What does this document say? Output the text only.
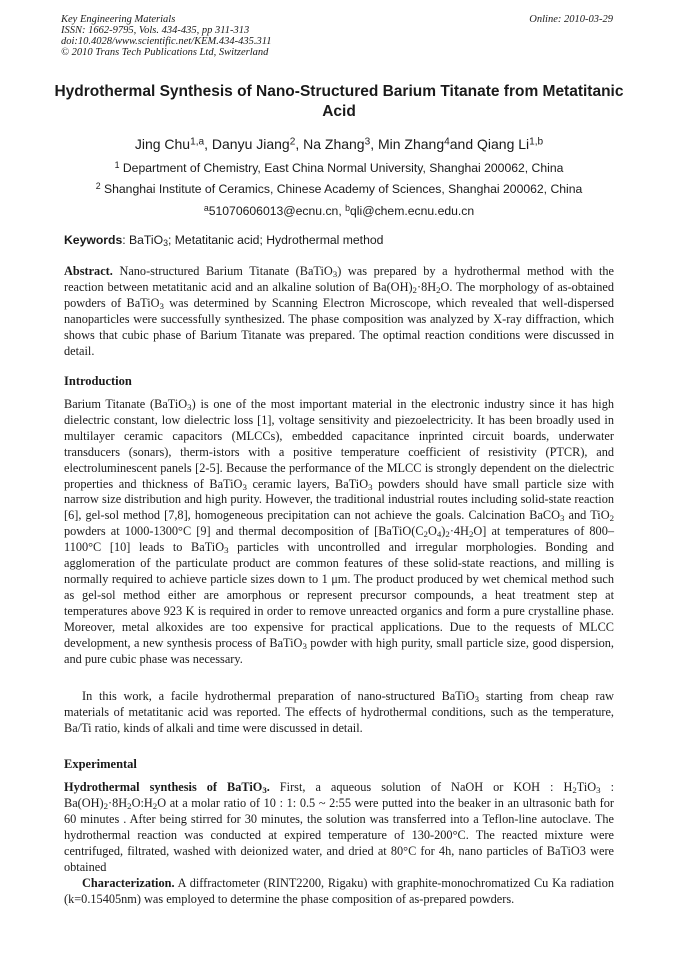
Key Engineering Materials
ISSN: 1662-9795, Vols. 434-435, pp 311-313
doi:10.4028/www.scientific.net/KEM.434-435.311
© 2010 Trans Tech Publications Ltd, Switzerland
Online: 2010-03-29
Hydrothermal Synthesis of Nano-Structured Barium Titanate from Metatitanic Acid
Jing Chu$^{1,a}$, Danyu Jiang$^2$, Na Zhang$^3$, Min Zhang$^4$and Qiang Li$^{1,b}$
$^1$ Department of Chemistry, East China Normal University, Shanghai 200062, China
$^2$ Shanghai Institute of Ceramics, Chinese Academy of Sciences, Shanghai 200062, China
$^a$51070606013@ecnu.cn, $^b$qli@chem.ecnu.edu.cn
Keywords: BaTiO$_3$; Metatitanic acid; Hydrothermal method
Abstract. Nano-structured Barium Titanate (BaTiO$_3$) was prepared by a hydrothermal method with the reaction between metatitanic acid and an alkaline solution of $Ba(OH)_2\cdot 8H_2O$. The morphology of as-obtained powders of BaTiO$_3$ was determined by Scanning Electron Microscope, which revealed that well-dispersed nanoparticles were successfully synthesized. The phase composition was analyzed by X-ray diffraction, which shows that cubic phase of Barium Titanate was prepared. The optimal reaction conditions were discussed in detail.
Introduction
Barium Titanate (BaTiO$_3$) is one of the most important material in the electronic industry since it has high dielectric constant, low dielectric loss [1], voltage sensitivity and piezoelectricity. It has been broadly used in multilayer ceramic capacitors (MLCCs), embedded capacitance inprinted circuit boards, underwater transducers (sonars), therm-istors with a positive temperature coefficient of resistivity (PTCR), and electroluminescent panels [2-5]. Because the performance of the MLCC is strongly dependent on the dielectric properties and thickness of BaTiO$_3$ ceramic layers, BaTiO$_3$ powders should have small particle size with narrow size distribution and high purity. However, the traditional industrial routes including solid-state reaction [6], gel-sol method [7,8], homogeneous precipitation can not achieve the goals. Calcination BaCO$_3$ and TiO$_2$ powders at 1000-1300°C [9] and thermal decomposition of $[BaTiO(C_2O_4)_2\cdot 4H_2O]$ at temperatures of 800–1100°C [10] leads to BaTiO$_3$ particles with uncontrolled and irregular morphologies. Bonding and agglomeration of the particulate product are common features of these solid-state reactions, and milling is normally required to achieve particle sizes down to 1 μm. The product produced by wet chemical method such as gel-sol method either are amorphous or represent precursor compounds, a heat treatment step at temperatures above 923 K is required in order to remove unreacted organics and form a pure crystalline phase. Moreover, metal alkoxides are too expensive for practical applications. Due to the requests of MLCC development, a new synthesis process of BaTiO$_3$ powder with high purity, small particle size, good dispersion, and pure cubic phase was necessary.
In this work, a facile hydrothermal preparation of nano-structured BaTiO$_3$ starting from cheap raw materials of metatitanic acid was reported. The effects of hydrothermal conditions, such as the temperature, Ba/Ti ratio, kinds of alkali and time were discussed in detail.
Experimental
Hydrothermal synthesis of BaTiO$_3$. First, a aqueous solution of NaOH or KOH : $H_2TiO_3$ : $Ba(OH)_2\cdot 8H_2O:H_2O$ at a molar ratio of 10 : 1: 0.5 ~ 2:55 were putted into the beaker in an ultrasonic bath for 60 minutes . After being stirred for 30 minutes, the solution was transferred into a Teflon-line autoclave. The hydrothermal reaction was conducted at expired temperature of 130-200°C. The reacted mixture were centrifuged, filtrated, washed with deionized water, and dried at 80°C for 4h, nano particles of BaTiO3 were obtained
Characterization. A diffractometer (RINT2200, Rigaku) with graphite-monochromatized Cu Ka radiation (k=0.15405nm) was employed to determine the phase composition of as-prepared powders.
